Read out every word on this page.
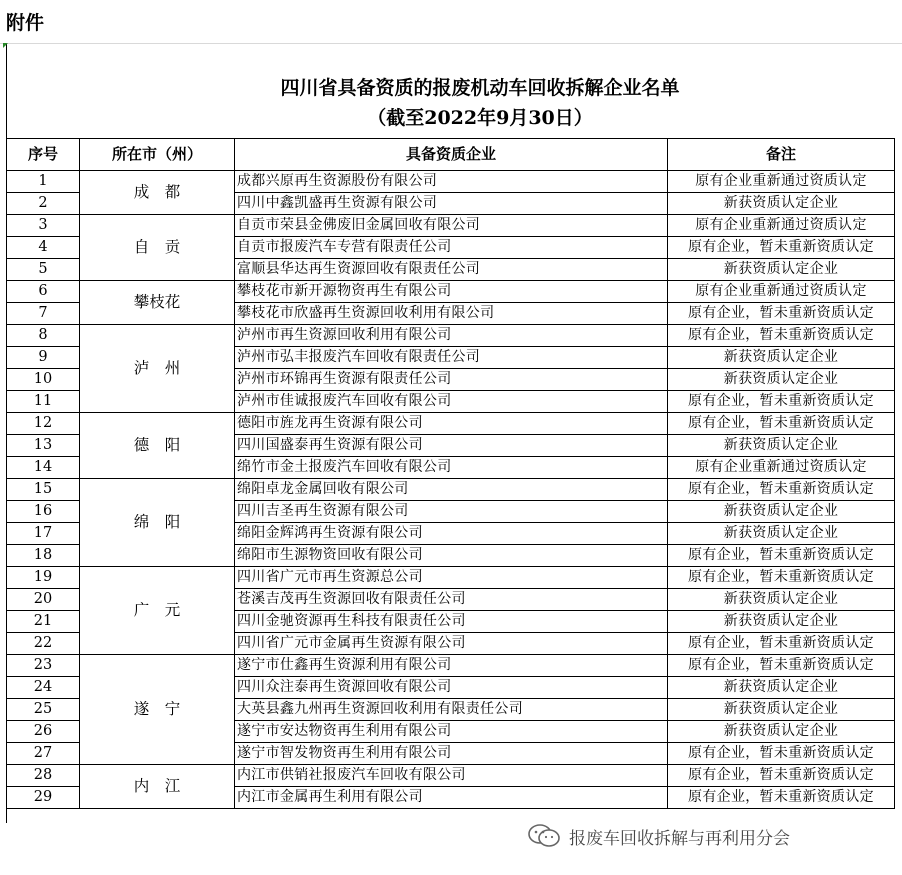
附件
四川省具备资质的报废机动车回收拆解企业名单
（截至2022年9月30日）
序号	所在市（州）	具备资质企业	备注
1	成　都	成都兴原再生资源股份有限公司	原有企业重新通过资质认定
2		四川中鑫凯盛再生资源有限公司	新获资质认定企业
3	自　贡	自贡市荣县金佛废旧金属回收有限公司	原有企业重新通过资质认定
4		自贡市报废汽车专营有限责任公司	原有企业，暂未重新资质认定
5		富顺县华达再生资源回收有限责任公司	新获资质认定企业
6	攀枝花	攀枝花市新开源物资再生有限公司	原有企业重新通过资质认定
7		攀枝花市欣盛再生资源回收利用有限公司	原有企业，暂未重新资质认定
8	泸　州	泸州市再生资源回收利用有限公司	原有企业，暂未重新资质认定
9		泸州市弘丰报废汽车回收有限责任公司	新获资质认定企业
10		泸州市环锦再生资源有限责任公司	新获资质认定企业
11		泸州市佳诚报废汽车回收有限公司	原有企业，暂未重新资质认定
12	德　阳	德阳市旌龙再生资源有限公司	原有企业，暂未重新资质认定
13		四川国盛泰再生资源有限公司	新获资质认定企业
14		绵竹市金土报废汽车回收有限公司	原有企业重新通过资质认定
15	绵　阳	绵阳卓龙金属回收有限公司	原有企业，暂未重新资质认定
16		四川吉圣再生资源有限公司	新获资质认定企业
17		绵阳金辉鸿再生资源有限公司	新获资质认定企业
18		绵阳市生源物资回收有限公司	原有企业，暂未重新资质认定
19	广　元	四川省广元市再生资源总公司	原有企业，暂未重新资质认定
20		苍溪吉茂再生资源回收有限责任公司	新获资质认定企业
21		四川金驰资源再生科技有限责任公司	新获资质认定企业
22		四川省广元市金属再生资源有限公司	原有企业，暂未重新资质认定
23	遂　宁	遂宁市仕鑫再生资源利用有限公司	原有企业，暂未重新资质认定
24		四川众注泰再生资源回收有限公司	新获资质认定企业
25		大英县鑫九州再生资源回收利用有限责任公司	新获资质认定企业
26		遂宁市安达物资再生利用有限公司	新获资质认定企业
27		遂宁市智发物资再生利用有限公司	原有企业，暂未重新资质认定
28	内　江	内江市供销社报废汽车回收有限公司	原有企业，暂未重新资质认定
29		内江市金属再生利用有限公司	原有企业，暂未重新资质认定
报废车回收拆解与再利用分会
